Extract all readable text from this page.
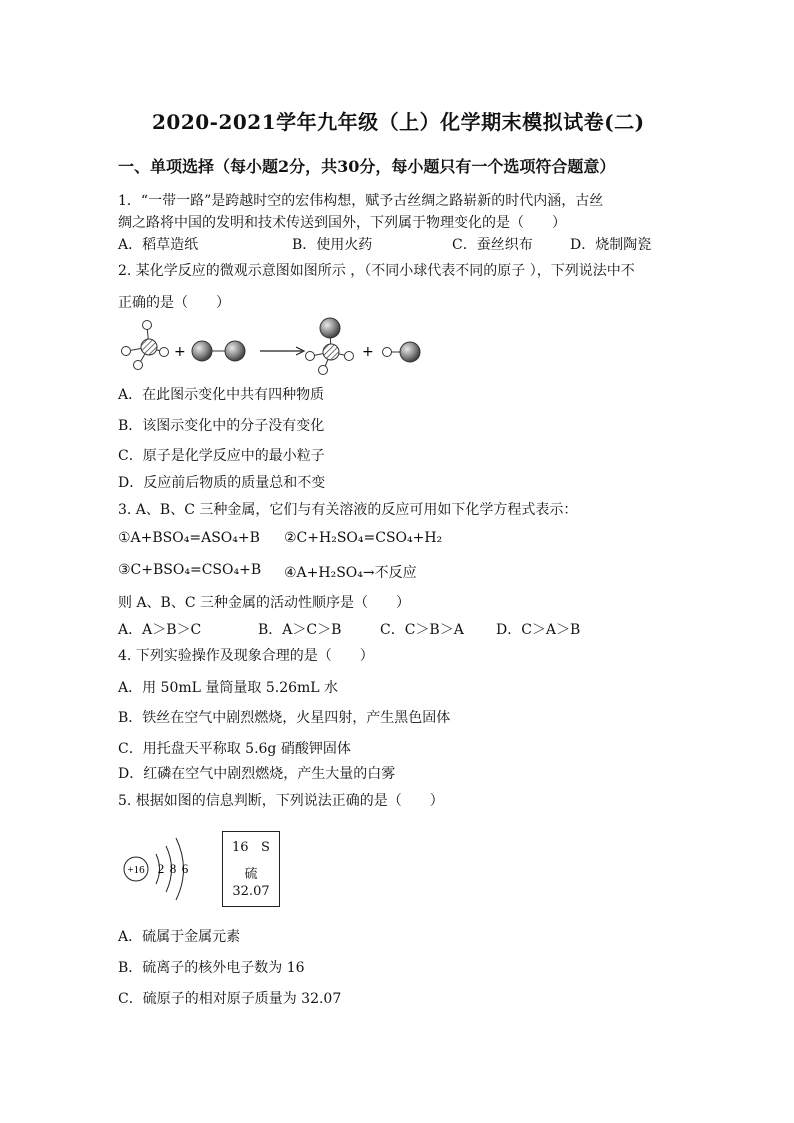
2020-2021学年九年级（上）化学期末模拟试卷(二)
一、单项选择（每小题2分，共30分，每小题只有一个选项符合题意）
1．“一带一路”是跨越时空的宏伟构想，赋予古丝绸之路崭新的时代内涵，古丝
绸之路将中国的发明和技术传送到国外，下列属于物理变化的是（　　）
A．稻草造纸	B．使用火药	C．蚕丝织布	D．烧制陶瓷
2. 某化学反应的微观示意图如图所示 ，（不同小球代表不同的原子 ），下列说法中不
正确的是（　　）
+	+
A．在此图示变化中共有四种物质
B．该图示变化中的分子没有变化
C．原子是化学反应中的最小粒子
D．反应前后物质的质量总和不变
3. A、B、C 三种金属，它们与有关溶液的反应可用如下化学方程式表示：
①A+BSO₄=ASO₄+B ②C+H₂SO₄=CSO₄+H₂
③C+BSO₄=CSO₄+B ④A+H₂SO₄→不反应
则 A、B、C 三种金属的活动性顺序是（　　）
A．A＞B＞C	B．A＞C＞B	C．C＞B＞A D．C＞A＞B
4. 下列实验操作及现象合理的是（　　）
A．用 50mL 量筒量取 5.26mL 水
B．铁丝在空气中剧烈燃烧，火星四射，产生黑色固体
C．用托盘天平称取 5.6g 硝酸钾固体
D．红磷在空气中剧烈燃烧，产生大量的白雾
5. 根据如图的信息判断，下列说法正确的是（　　）
+16 2 8 6
16 S
硫
32.07
A．硫属于金属元素
B．硫离子的核外电子数为 16
C．硫原子的相对原子质量为 32.07
